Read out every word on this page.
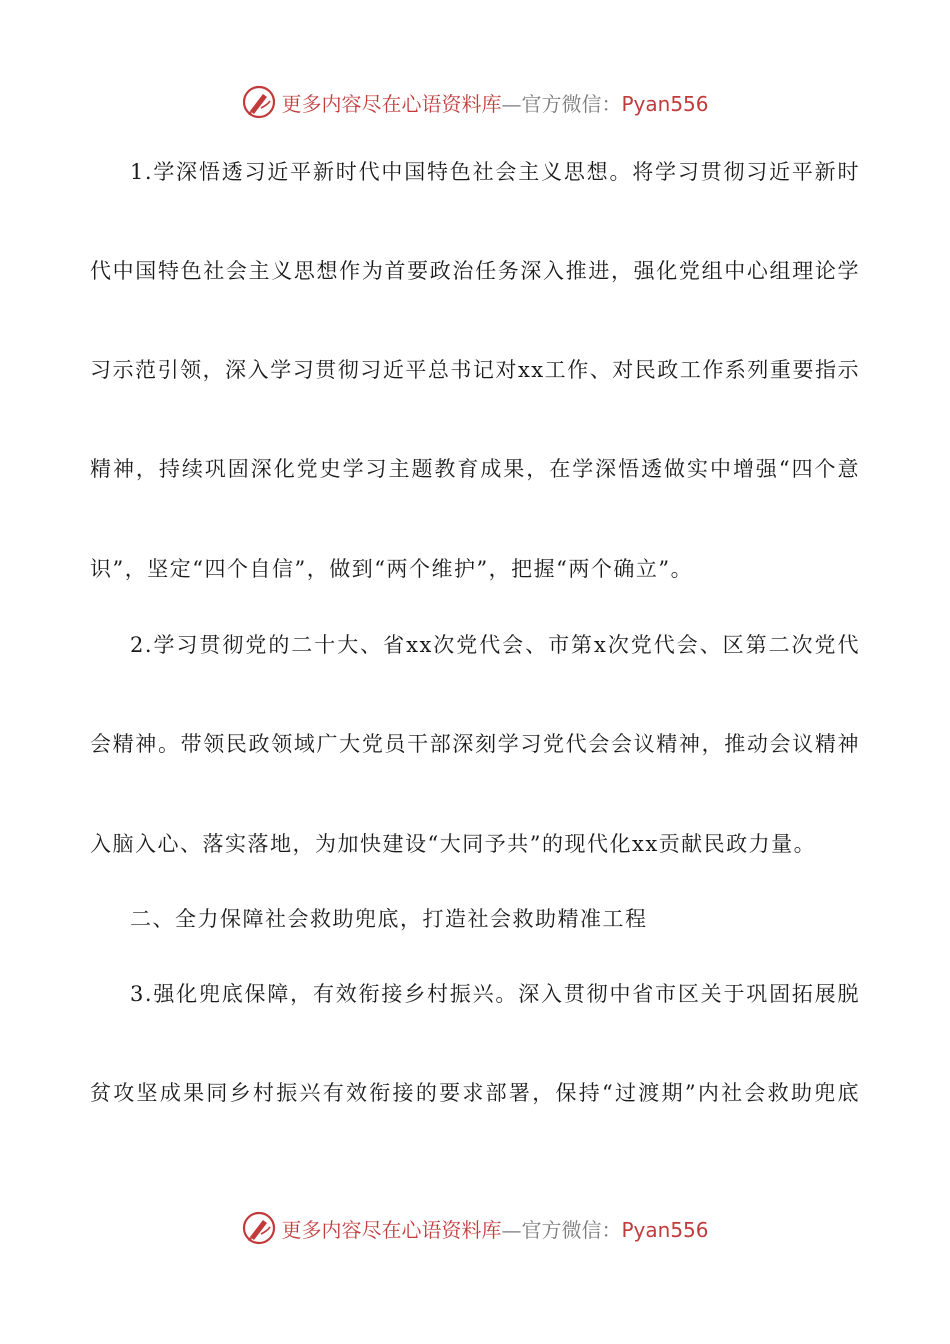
更多内容尽在心语资料库—官方微信：Pyan556
1.学深悟透习近平新时代中国特色社会主义思想。将学习贯彻习近平新时
代中国特色社会主义思想作为首要政治任务深入推进，强化党组中心组理论学
习示范引领，深入学习贯彻习近平总书记对xx工作、对民政工作系列重要指示
精神，持续巩固深化党史学习主题教育成果，在学深悟透做实中增强“四个意
识”，坚定“四个自信”，做到“两个维护”，把握“两个确立”。
2.学习贯彻党的二十大、省xx次党代会、市第x次党代会、区第二次党代
会精神。带领民政领域广大党员干部深刻学习党代会会议精神，推动会议精神
入脑入心、落实落地，为加快建设“大同予共”的现代化xx贡献民政力量。
二、全力保障社会救助兜底，打造社会救助精准工程
3.强化兜底保障，有效衔接乡村振兴。深入贯彻中省市区关于巩固拓展脱
贫攻坚成果同乡村振兴有效衔接的要求部署，保持“过渡期”内社会救助兜底
更多内容尽在心语资料库—官方微信：Pyan556
